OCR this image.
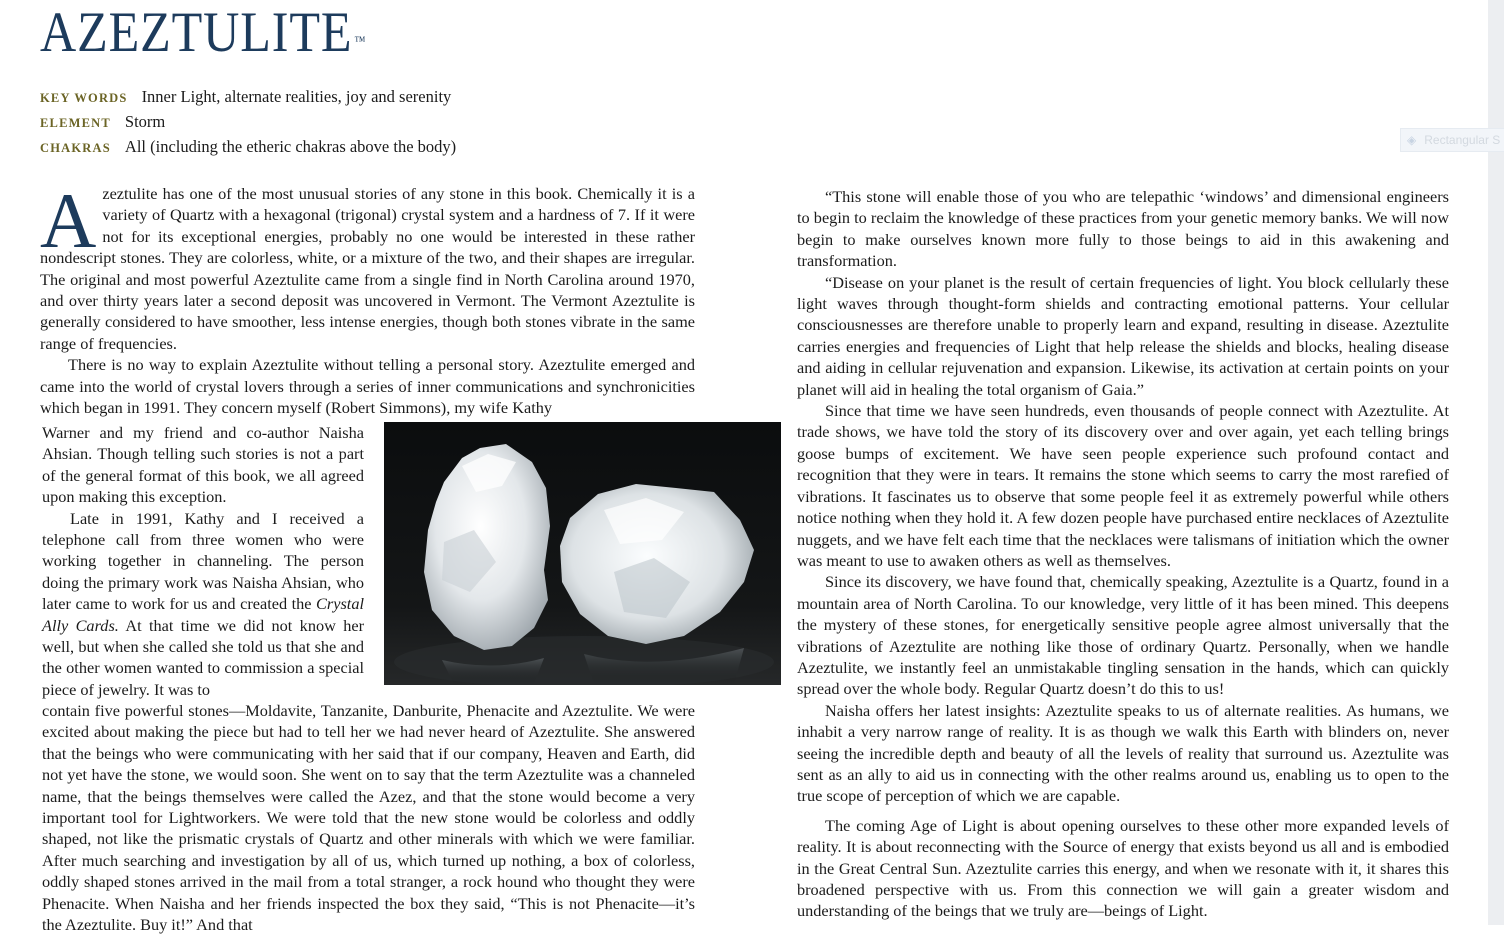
AZEZTULITE ™
KEY WORDS Inner Light, alternate realities, joy and serenity
ELEMENT Storm
CHAKRAS All (including the etheric chakras above the body)

Azeztulite has one of the most unusual stories of any stone in this book. Chemically it is a variety of Quartz with a hexagonal (trigonal) crystal system and a hardness of 7. If it were not for its exceptional energies, probably no one would be interested in these rather nondescript stones. They are colorless, white, or a mixture of the two, and their shapes are irregular. The original and most powerful Azeztulite came from a single find in North Carolina around 1970, and over thirty years later a second deposit was uncovered in Vermont. The Vermont Azeztulite is generally considered to have smoother, less intense energies, though both stones vibrate in the same range of frequencies.

There is no way to explain Azeztulite without telling a personal story. Azeztulite emerged and came into the world of crystal lovers through a series of inner communications and synchronicities which began in 1991. They concern myself (Robert Simmons), my wife Kathy

Warner and my friend and co-author Naisha Ahsian. Though telling such stories is not a part of the general format of this book, we all agreed upon making this exception.

Late in 1991, Kathy and I received a telephone call from three women who were working together in channeling. The person doing the primary work was Naisha Ahsian, who later came to work for us and created the Crystal Ally Cards. At that time we did not know her well, but when she called she told us that she and the other women wanted to commission a special piece of jewelry. It was to

contain five powerful stones—Moldavite, Tanzanite, Danburite, Phenacite and Azeztulite. We were excited about making the piece but had to tell her we had never heard of Azeztulite. She answered that the beings who were communicating with her said that if our company, Heaven and Earth, did not yet have the stone, we would soon. She went on to say that the term Azeztulite was a channeled name, that the beings themselves were called the Azez, and that the stone would become a very important tool for Lightworkers. We were told that the new stone would be colorless and oddly shaped, not like the prismatic crystals of Quartz and other minerals with which we were familiar. After much searching and investigation by all of us, which turned up nothing, a box of colorless, oddly shaped stones arrived in the mail from a total stranger, a rock hound who thought they were Phenacite. When Naisha and her friends inspected the box they said, “This is not Phenacite—it’s the Azeztulite. Buy it!” And that

“This stone will enable those of you who are telepathic ‘windows’ and dimensional engineers to begin to reclaim the knowledge of these practices from your genetic memory banks. We will now begin to make ourselves known more fully to those beings to aid in this awakening and transformation.

“Disease on your planet is the result of certain frequencies of light. You block cellularly these light waves through thought-form shields and contracting emotional patterns. Your cellular consciousnesses are therefore unable to properly learn and expand, resulting in disease. Azeztulite carries energies and frequencies of Light that help release the shields and blocks, healing disease and aiding in cellular rejuvenation and expansion. Likewise, its activation at certain points on your planet will aid in healing the total organism of Gaia.”

Since that time we have seen hundreds, even thousands of people connect with Azeztulite. At trade shows, we have told the story of its discovery over and over again, yet each telling brings goose bumps of excitement. We have seen people experience such profound contact and recognition that they were in tears. It remains the stone which seems to carry the most rarefied of vibrations. It fascinates us to observe that some people feel it as extremely powerful while others notice nothing when they hold it. A few dozen people have purchased entire necklaces of Azeztulite nuggets, and we have felt each time that the necklaces were talismans of initiation which the owner was meant to use to awaken others as well as themselves.

Since its discovery, we have found that, chemically speaking, Azeztulite is a Quartz, found in a mountain area of North Carolina. To our knowledge, very little of it has been mined. This deepens the mystery of these stones, for energetically sensitive people agree almost universally that the vibrations of Azeztulite are nothing like those of ordinary Quartz. Personally, when we handle Azeztulite, we instantly feel an unmistakable tingling sensation in the hands, which can quickly spread over the whole body. Regular Quartz doesn’t do this to us!

Naisha offers her latest insights: Azeztulite speaks to us of alternate realities. As humans, we inhabit a very narrow range of reality. It is as though we walk this Earth with blinders on, never seeing the incredible depth and beauty of all the levels of reality that surround us. Azeztulite was sent as an ally to aid us in connecting with the other realms around us, enabling us to open to the true scope of perception of which we are capable.

The coming Age of Light is about opening ourselves to these other more expanded levels of reality. It is about reconnecting with the Source of energy that exists beyond us all and is embodied in the Great Central Sun. Azeztulite carries this energy, and when we resonate with it, it shares this broadened perspective with us. From this connection we will gain a greater wisdom and understanding of the beings that we truly are—beings of Light.

◈ Rectangular S
